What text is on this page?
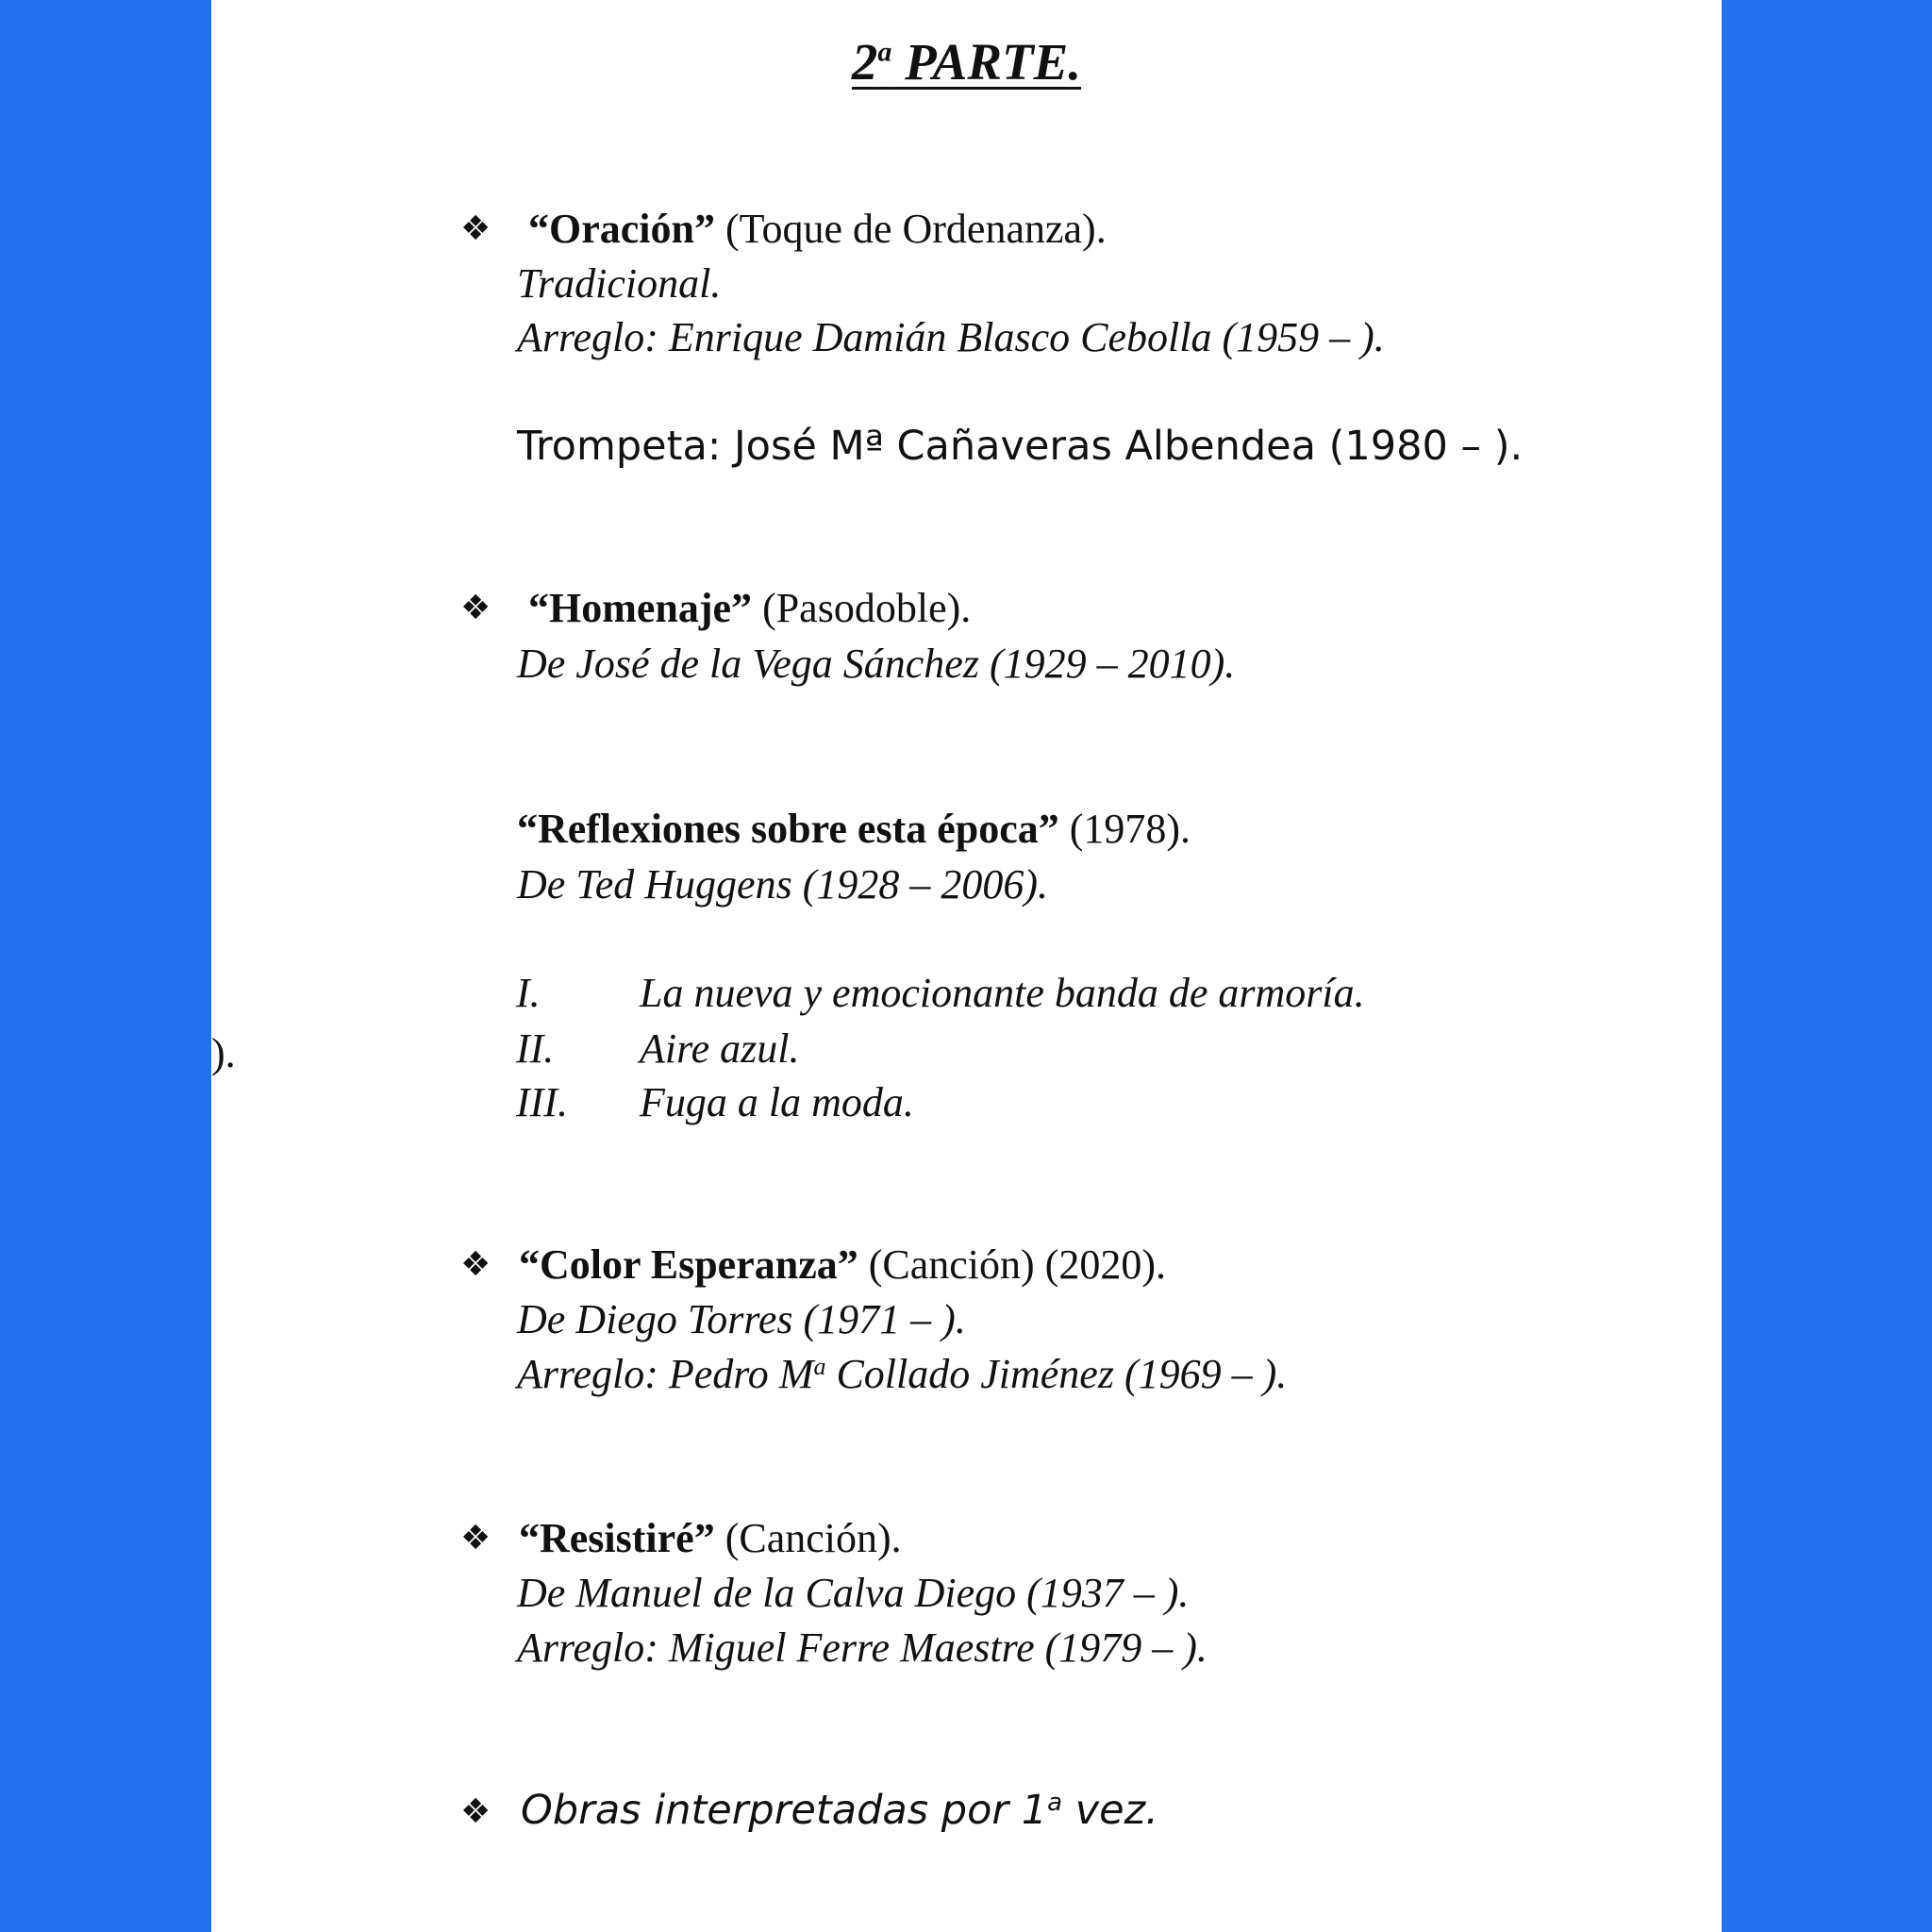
).
2$^a$ PARTE.
❖ “Oración” (Toque de Ordenanza).
Tradicional.
Arreglo: Enrique Damián Blasco Cebolla (1959 – ).
Trompeta: José Mª Cañaveras Albendea (1980 – ).
❖ “Homenaje” (Pasodoble).
De José de la Vega Sánchez (1929 – 2010).
“Reflexiones sobre esta época” (1978).
De Ted Huggens (1928 – 2006).
I. La nueva y emocionante banda de armoría.
II. Aire azul.
III. Fuga a la moda.
❖ “Color Esperanza” (Canción) (2020).
De Diego Torres (1971 – ).
Arreglo: Pedro $M^a$ Collado Jiménez (1969 – ).
❖ “Resistiré” (Canción).
De Manuel de la Calva Diego (1937 – ).
Arreglo: Miguel Ferre Maestre (1979 – ).
❖ Obras interpretadas por 1$^a$ vez.
